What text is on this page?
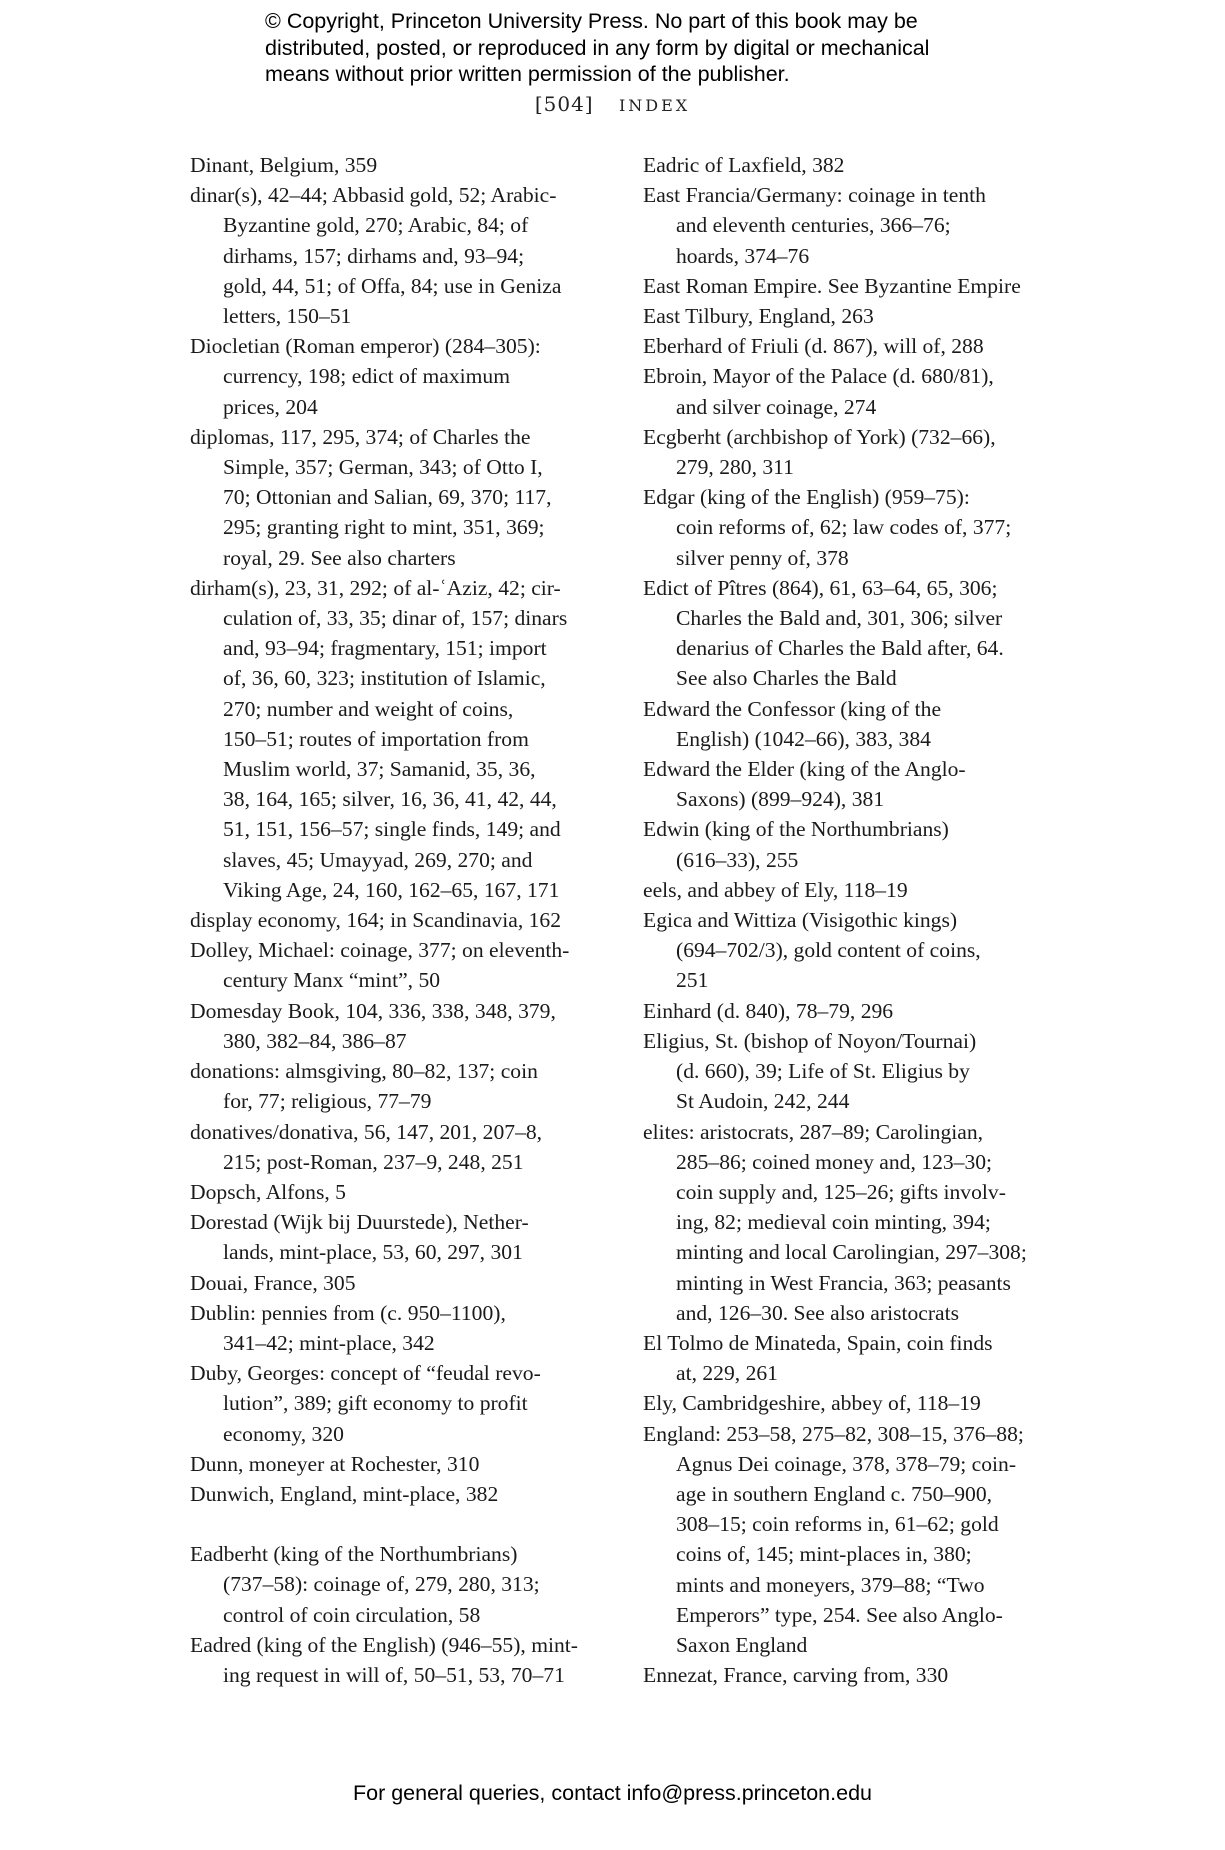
© Copyright, Princeton University Press. No part of this book may be
distributed, posted, or reproduced in any form by digital or mechanical
means without prior written permission of the publisher.
[504] INDEX
Dinant, Belgium, 359
dinar(s), 42–44; Abbasid gold, 52; Arabic-
Byzantine gold, 270; Arabic, 84; of
dirhams, 157; dirhams and, 93–94;
gold, 44, 51; of Offa, 84; use in Geniza
letters, 150–51
Diocletian (Roman emperor) (284–305):
currency, 198; edict of maximum
prices, 204
diplomas, 117, 295, 374; of Charles the
Simple, 357; German, 343; of Otto I,
70; Ottonian and Salian, 69, 370; 117,
295; granting right to mint, 351, 369;
royal, 29. See also charters
dirham(s), 23, 31, 292; of al-ʿAziz, 42; cir-
culation of, 33, 35; dinar of, 157; dinars
and, 93–94; fragmentary, 151; import
of, 36, 60, 323; institution of Islamic,
270; number and weight of coins,
150–51; routes of importation from
Muslim world, 37; Samanid, 35, 36,
38, 164, 165; silver, 16, 36, 41, 42, 44,
51, 151, 156–57; single finds, 149; and
slaves, 45; Umayyad, 269, 270; and
Viking Age, 24, 160, 162–65, 167, 171
display economy, 164; in Scandinavia, 162
Dolley, Michael: coinage, 377; on eleventh-
century Manx “mint”, 50
Domesday Book, 104, 336, 338, 348, 379,
380, 382–84, 386–87
donations: almsgiving, 80–82, 137; coin
for, 77; religious, 77–79
donatives/donativa, 56, 147, 201, 207–8,
215; post-Roman, 237–9, 248, 251
Dopsch, Alfons, 5
Dorestad (Wijk bij Duurstede), Nether-
lands, mint-place, 53, 60, 297, 301
Douai, France, 305
Dublin: pennies from (c. 950–1100),
341–42; mint-place, 342
Duby, Georges: concept of “feudal revo-
lution”, 389; gift economy to profit
economy, 320
Dunn, moneyer at Rochester, 310
Dunwich, England, mint-place, 382
Eadberht (king of the Northumbrians)
(737–58): coinage of, 279, 280, 313;
control of coin circulation, 58
Eadred (king of the English) (946–55), mint-
ing request in will of, 50–51, 53, 70–71
Eadric of Laxfield, 382
East Francia/Germany: coinage in tenth
and eleventh centuries, 366–76;
hoards, 374–76
East Roman Empire. See Byzantine Empire
East Tilbury, England, 263
Eberhard of Friuli (d. 867), will of, 288
Ebroin, Mayor of the Palace (d. 680/81),
and silver coinage, 274
Ecgberht (archbishop of York) (732–66),
279, 280, 311
Edgar (king of the English) (959–75):
coin reforms of, 62; law codes of, 377;
silver penny of, 378
Edict of Pîtres (864), 61, 63–64, 65, 306;
Charles the Bald and, 301, 306; silver
denarius of Charles the Bald after, 64.
See also Charles the Bald
Edward the Confessor (king of the
English) (1042–66), 383, 384
Edward the Elder (king of the Anglo-
Saxons) (899–924), 381
Edwin (king of the Northumbrians)
(616–33), 255
eels, and abbey of Ely, 118–19
Egica and Wittiza (Visigothic kings)
(694–702/3), gold content of coins,
251
Einhard (d. 840), 78–79, 296
Eligius, St. (bishop of Noyon/Tournai)
(d. 660), 39; Life of St. Eligius by
St Audoin, 242, 244
elites: aristocrats, 287–89; Carolingian,
285–86; coined money and, 123–30;
coin supply and, 125–26; gifts involv-
ing, 82; medieval coin minting, 394;
minting and local Carolingian, 297–308;
minting in West Francia, 363; peasants
and, 126–30. See also aristocrats
El Tolmo de Minateda, Spain, coin finds
at, 229, 261
Ely, Cambridgeshire, abbey of, 118–19
England: 253–58, 275–82, 308–15, 376–88;
Agnus Dei coinage, 378, 378–79; coin-
age in southern England c. 750–900,
308–15; coin reforms in, 61–62; gold
coins of, 145; mint-places in, 380;
mints and moneyers, 379–88; “Two
Emperors” type, 254. See also Anglo-
Saxon England
Ennezat, France, carving from, 330
For general queries, contact info@press.princeton.edu
